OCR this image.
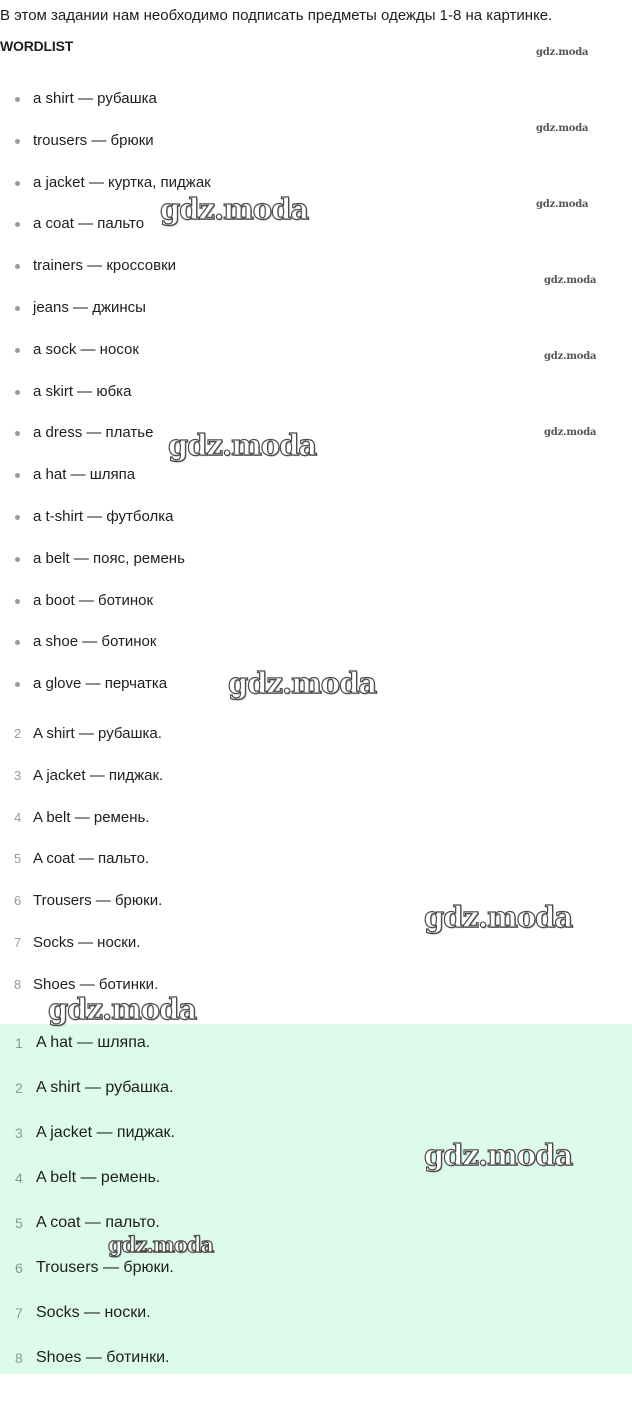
В этом задании нам необходимо подписать предметы одежды 1-8 на картинке.

WORDLIST

a shirt — рубашка
trousers — брюки
a jacket — куртка, пиджак
a coat — пальто
trainers — кроссовки
jeans — джинсы
a sock — носок
a skirt — юбка
a dress — платье
a hat — шляпа
a t-shirt — футболка
a belt — пояс, ремень
a boot — ботинок
a shoe — ботинок
a glove — перчатка
2 A shirt — рубашка.
3 A jacket — пиджак.
4 A belt — ремень.
5 A coat — пальто.
6 Trousers — брюки.
7 Socks — носки.
8 Shoes — ботинки.
1 A hat — шляпа.
2 A shirt — рубашка.
3 A jacket — пиджак.
4 A belt — ремень.
5 A coat — пальто.
6 Trousers — брюки.
7 Socks — носки.
8 Shoes — ботинки.
gdz.moda
gdz.moda
gdz.moda
gdz.moda
gdz.moda
gdz.moda
gdz.moda
gdz.moda
gdz.moda
gdz.moda
gdz.moda
gdz.moda
gdz.moda
